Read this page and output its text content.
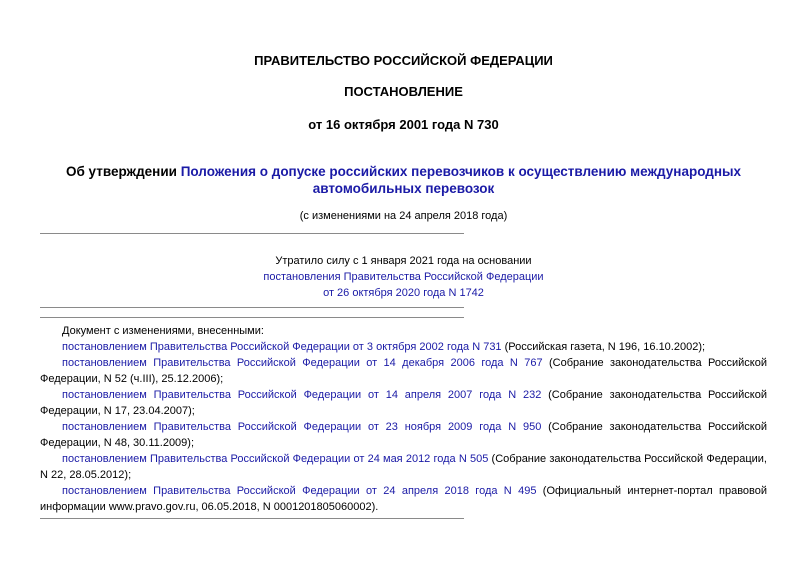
ПРАВИТЕЛЬСТВО РОССИЙСКОЙ ФЕДЕРАЦИИ
ПОСТАНОВЛЕНИЕ
от 16 октября 2001 года N 730
Об утверждении Положения о допуске российских перевозчиков к осуществлению международных автомобильных перевозок
(с изменениями на 24 апреля 2018 года)
Утратило силу с 1 января 2021 года на основании
постановления Правительства Российской Федерации
от 26 октября 2020 года N 1742

Документ с изменениями, внесенными:

постановлением Правительства Российской Федерации от 3 октября 2002 года N 731 (Российская газета, N 196, 16.10.2002);

постановлением Правительства Российской Федерации от 14 декабря 2006 года N 767 (Собрание законодательства Российской Федерации, N 52 (ч.III), 25.12.2006);

постановлением Правительства Российской Федерации от 14 апреля 2007 года N 232 (Собрание законодательства Российской Федерации, N 17, 23.04.2007);

постановлением Правительства Российской Федерации от 23 ноября 2009 года N 950 (Собрание законодательства Российской Федерации, N 48, 30.11.2009);

постановлением Правительства Российской Федерации от 24 мая 2012 года N 505 (Собрание законодательства Российской Федерации, N 22, 28.05.2012);

постановлением Правительства Российской Федерации от 24 апреля 2018 года N 495 (Официальный интернет-портал правовой информации www.pravo.gov.ru, 06.05.2018, N 0001201805060002).
